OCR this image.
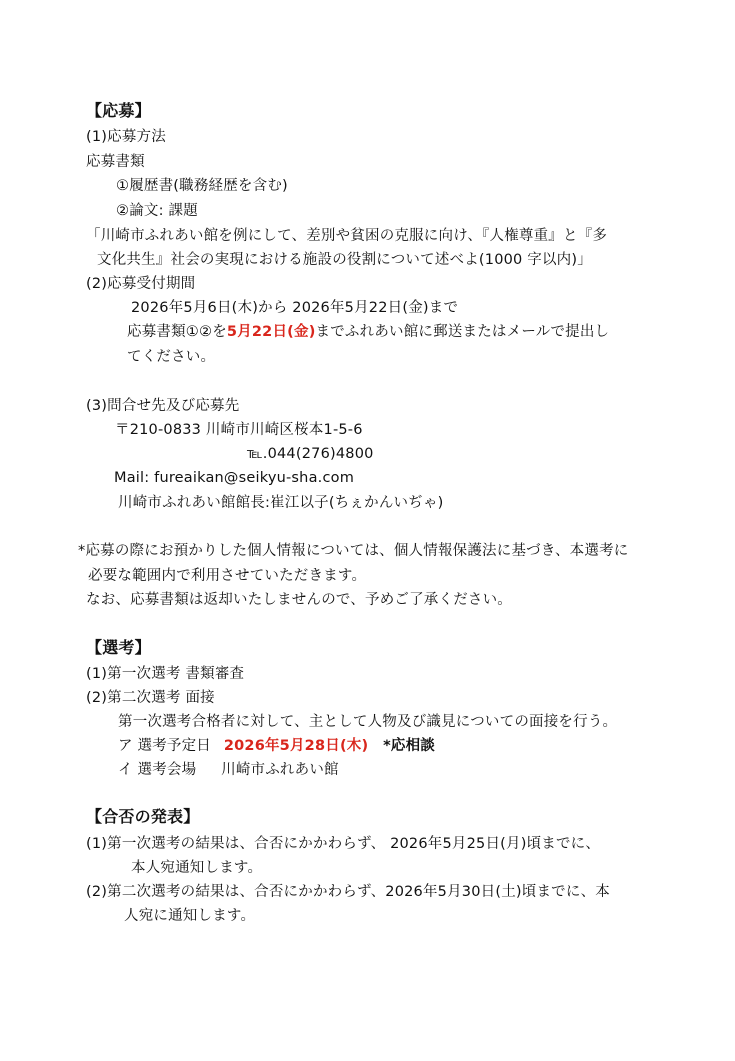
【応募】
(1)応募方法
応募書類
①履歴書(職務経歴を含む)
②論文: 課題
「川崎市ふれあい館を例にして、差別や貧困の克服に向け、『人権尊重』と『多
文化共生』社会の実現における施設の役割について述べよ(1000 字以内)」
(2)応募受付期間
2026年5月6日(木)から 2026年5月22日(金)まで
応募書類①②を5月22日(金)までふれあい館に郵送またはメールで提出し
てください。
(3)問合せ先及び応募先
〒210-0833 川崎市川崎区桜本1-5-6
℡.044(276)4800
Mail: fureaikan@seikyu-sha.com
川崎市ふれあい館館長:崔江以子(ちぇかんいぢゃ)
*応募の際にお預かりした個人情報については、個人情報保護法に基づき、本選考に
必要な範囲内で利用させていただきます。
なお、応募書類は返却いたしませんので、予めご了承ください。
【選考】
(1)第一次選考 書類審査
(2)第二次選考 面接
第一次選考合格者に対して、主として人物及び識見についての面接を行う。
ア 選考予定日 2026年5月28日(木) *応相談
イ 選考会場 川崎市ふれあい館
【合否の発表】
(1)第一次選考の結果は、合否にかかわらず、 2026年5月25日(月)頃までに、
本人宛通知します。
(2)第二次選考の結果は、合否にかかわらず、2026年5月30日(土)頃までに、本
人宛に通知します。
